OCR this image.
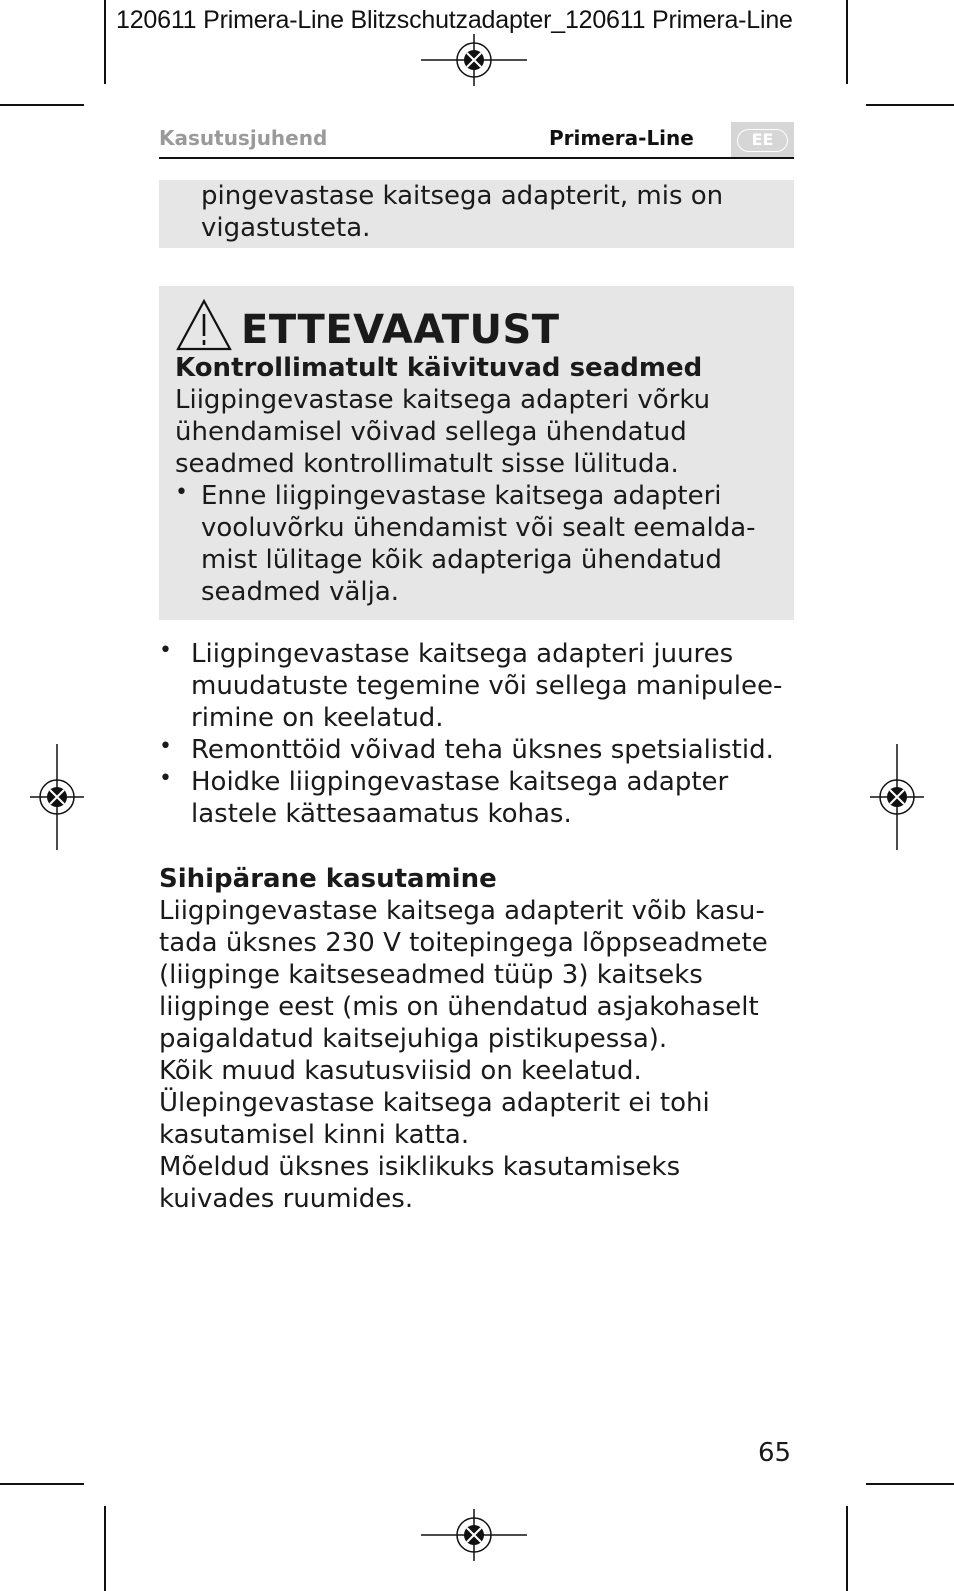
120611 Primera-Line Blitzschutzadapter_120611 Primera-Line
Kasutusjuhend	Primera-Line	EE

pingevastase kaitsega adapterit, mis on

vigastusteta.

ETTEVAATUST

Kontrollimatult käivituvad seadmed

Liigpingevastase kaitsega adapteri võrku

ühendamisel võivad sellega ühendatud

seadmed kontrollimatult sisse lülituda.

• Enne liigpingevastase kaitsega adapteri

vooluvõrku ühendamist või sealt eemalda-

mist lülitage kõik adapteriga ühendatud

seadmed välja.

• Liigpingevastase kaitsega adapteri juures

muudatuste tegemine või sellega manipulee-

rimine on keelatud.

• Remonttöid võivad teha üksnes spetsialistid.

• Hoidke liigpingevastase kaitsega adapter

lastele kättesaamatus kohas.

Sihipärane kasutamine

Liigpingevastase kaitsega adapterit võib kasu-

tada üksnes 230 V toitepingega lõppseadmete

(liigpinge kaitseseadmed tüüp 3) kaitseks

liigpinge eest (mis on ühendatud asjakohaselt

paigaldatud kaitsejuhiga pistikupessa).

Kõik muud kasutusviisid on keelatud.

Ülepingevastase kaitsega adapterit ei tohi

kasutamisel kinni katta.

Mõeldud üksnes isiklikuks kasutamiseks

kuivades ruumides.

65
